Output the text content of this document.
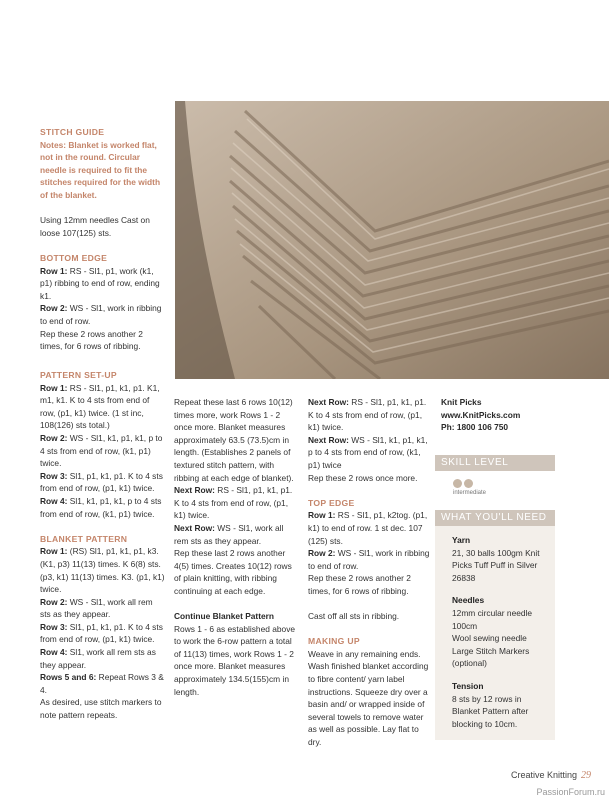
STITCH GUIDE

Notes: Blanket is worked flat, not in the round. Circular needle is required to fit the stitches required for the width of the blanket.

Using 12mm needles Cast on loose 107(125) sts.

BOTTOM EDGE

Row 1: RS - Sl1, p1, work (k1, p1) ribbing to end of row, ending k1.

Row 2: WS - Sl1, work in ribbing to end of row.

Rep these 2 rows another 2 times, for 6 rows of ribbing.

PATTERN SET-UP

Row 1: RS - Sl1, p1, k1, p1. K1, m1, k1. K to 4 sts from end of row, (p1, k1) twice. (1 st inc, 108(126) sts total.)

Row 2: WS - Sl1, k1, p1, k1, p to 4 sts from end of row, (k1, p1) twice.

Row 3: Sl1, p1, k1, p1. K to 4 sts from end of row, (p1, k1) twice.

Row 4: Sl1, k1, p1, k1, p to 4 sts from end of row, (k1, p1) twice.

BLANKET PATTERN

Row 1: (RS) Sl1, p1, k1, p1, k3. (K1, p3) 11(13) times. K 6(8) sts. (p3, k1) 11(13) times. K3. (p1, k1) twice.

Row 2: WS - Sl1, work all rem sts as they appear.

Row 3: Sl1, p1, k1, p1. K to 4 sts from end of row, (p1, k1) twice.

Row 4: Sl1, work all rem sts as they appear.

Rows 5 and 6: Repeat Rows 3 & 4.

As desired, use stitch markers to note pattern repeats.

Repeat these last 6 rows 10(12) times more, work Rows 1 - 2 once more. Blanket measures approximately 63.5 (73.5)cm in length. (Establishes 2 panels of textured stitch pattern, with ribbing at each edge of blanket).

Next Row: RS - Sl1, p1, k1, p1. K to 4 sts from end of row, (p1, k1) twice.

Next Row: WS - Sl1, work all rem sts as they appear.

Rep these last 2 rows another 4(5) times. Creates 10(12) rows of plain knitting, with ribbing continuing at each edge.

Continue Blanket Pattern

Rows 1 - 6 as established above to work the 6-row pattern a total of 11(13) times, work Rows 1 - 2 once more. Blanket measures approximately 134.5(155)cm in length.

Next Row: RS - Sl1, p1, k1, p1. K to 4 sts from end of row, (p1, k1) twice.

Next Row: WS - Sl1, k1, p1, k1, p to 4 sts from end of row, (k1, p1) twice

Rep these 2 rows once more.

TOP EDGE

Row 1: RS - Sl1, p1, k2tog. (p1, k1) to end of row. 1 st dec. 107 (125) sts.

Row 2: WS - Sl1, work in ribbing to end of row.

Rep these 2 rows another 2 times, for 6 rows of ribbing.

Cast off all sts in ribbing.

MAKING UP

Weave in any remaining ends. Wash finished blanket according to fibre content/ yarn label instructions. Squeeze dry over a basin and/ or wrapped inside of several towels to remove water as well as possible. Lay flat to dry.

Knit Picks

www.KnitPicks.com

Ph: 1800 106 750

SKILL LEVEL
intermediate
WHAT YOU'LL NEED

Yarn

21, 30 balls 100gm Knit Picks Tuff Puff in Silver 26838

Needles

12mm circular needle 100cm

Wool sewing needle

Large Stitch Markers (optional)

Tension

8 sts by 12 rows in Blanket Pattern after blocking to 10cm.

Creative Knitting 29
PassionForum.ru
